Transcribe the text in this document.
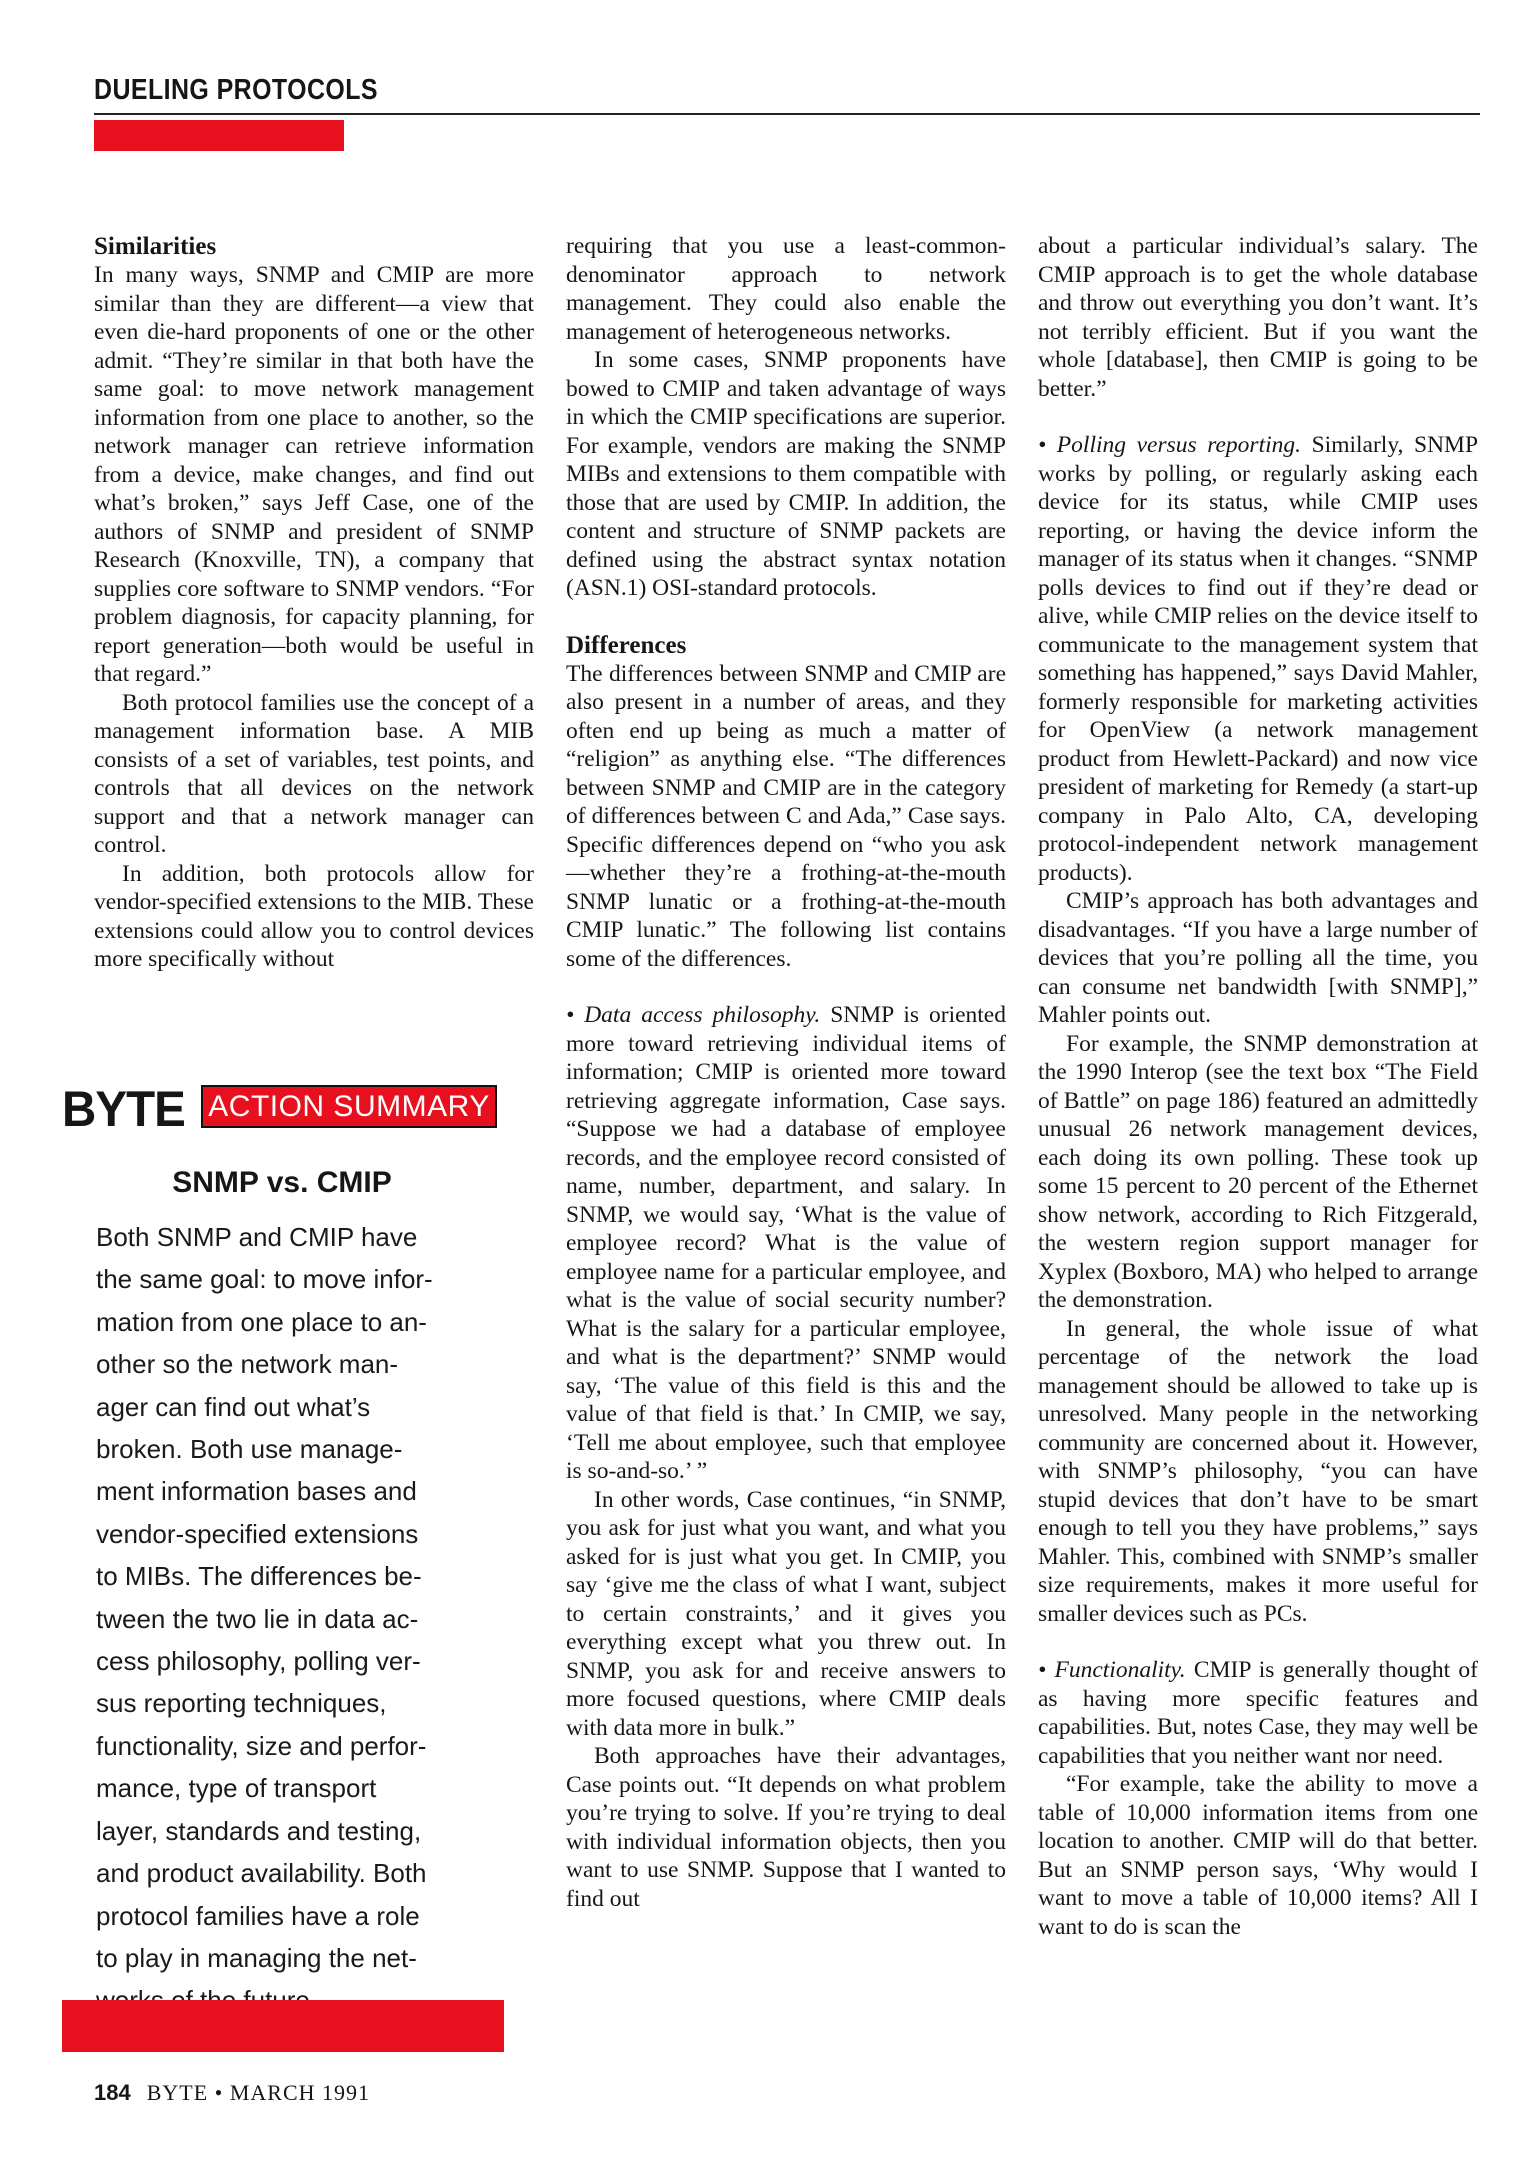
DUELING PROTOCOLS
Similarities

In many ways, SNMP and CMIP are more similar than they are different—a view that even die-hard proponents of one or the other admit. “They’re similar in that both have the same goal: to move network management information from one place to another, so the network manager can retrieve information from a device, make changes, and find out what’s broken,” says Jeff Case, one of the authors of SNMP and president of SNMP Research (Knoxville, TN), a company that supplies core software to SNMP vendors. “For problem diagnosis, for capacity planning, for report generation—both would be useful in that regard.”

Both protocol families use the concept of a management information base. A MIB consists of a set of variables, test points, and controls that all devices on the network support and that a network manager can control.

In addition, both protocols allow for vendor-specified extensions to the MIB. These extensions could allow you to control devices more specifically without

BYTE ACTION SUMMARY
SNMP vs. CMIP
Both SNMP and CMIP have
the same goal: to move infor-
mation from one place to an-
other so the network man-
ager can find out what’s
broken. Both use manage-
ment information bases and
vendor-specified extensions
to MIBs. The differences be-
tween the two lie in data ac-
cess philosophy, polling ver-
sus reporting techniques,
functionality, size and perfor-
mance, type of transport
layer, standards and testing,
and product availability. Both
protocol families have a role
to play in managing the net-

requiring that you use a least-common-denominator approach to network management. They could also enable the management of heterogeneous networks.

In some cases, SNMP proponents have bowed to CMIP and taken advantage of ways in which the CMIP specifications are superior. For example, vendors are making the SNMP MIBs and extensions to them compatible with those that are used by CMIP. In addition, the content and structure of SNMP packets are defined using the abstract syntax notation (ASN.1) OSI-standard protocols.

Differences

The differences between SNMP and CMIP are also present in a number of areas, and they often end up being as much a matter of “religion” as anything else. “The differences between SNMP and CMIP are in the category of differences between C and Ada,” Case says. Specific differences depend on “who you ask—whether they’re a frothing-at-the-mouth SNMP lunatic or a frothing-at-the-mouth CMIP lunatic.” The following list contains some of the differences.

• Data access philosophy. SNMP is oriented more toward retrieving individual items of information; CMIP is oriented more toward retrieving aggregate information, Case says. “Suppose we had a database of employee records, and the employee record consisted of name, number, department, and salary. In SNMP, we would say, ‘What is the value of employee record? What is the value of employee name for a particular employee, and what is the value of social security number? What is the salary for a particular employee, and what is the department?’ SNMP would say, ‘The value of this field is this and the value of that field is that.’ In CMIP, we say, ‘Tell me about employee, such that employee is so-and-so.’ ”

In other words, Case continues, “in SNMP, you ask for just what you want, and what you asked for is just what you get. In CMIP, you say ‘give me the class of what I want, subject to certain constraints,’ and it gives you everything except what you threw out. In SNMP, you ask for and receive answers to more focused questions, where CMIP deals with data more in bulk.”

Both approaches have their advantages, Case points out. “It depends on what problem you’re trying to solve. If you’re trying to deal with individual information objects, then you want to use SNMP. Suppose that I wanted to find out

about a particular individual’s salary. The CMIP approach is to get the whole database and throw out everything you don’t want. It’s not terribly efficient. But if you want the whole [database], then CMIP is going to be better.”

• Polling versus reporting. Similarly, SNMP works by polling, or regularly asking each device for its status, while CMIP uses reporting, or having the device inform the manager of its status when it changes. “SNMP polls devices to find out if they’re dead or alive, while CMIP relies on the device itself to communicate to the management system that something has happened,” says David Mahler, formerly responsible for marketing activities for OpenView (a network management product from Hewlett-Packard) and now vice president of marketing for Remedy (a start-up company in Palo Alto, CA, developing protocol-independent network management products).

CMIP’s approach has both advantages and disadvantages. “If you have a large number of devices that you’re polling all the time, you can consume net bandwidth [with SNMP],” Mahler points out.

For example, the SNMP demonstration at the 1990 Interop (see the text box “The Field of Battle” on page 186) featured an admittedly unusual 26 network management devices, each doing its own polling. These took up some 15 percent to 20 percent of the Ethernet show network, according to Rich Fitzgerald, the western region support manager for Xyplex (Boxboro, MA) who helped to arrange the demonstration.

In general, the whole issue of what percentage of the network the load management should be allowed to take up is unresolved. Many people in the networking community are concerned about it. However, with SNMP’s philosophy, “you can have stupid devices that don’t have to be smart enough to tell you they have problems,” says Mahler. This, combined with SNMP’s smaller size requirements, makes it more useful for smaller devices such as PCs.

• Functionality. CMIP is generally thought of as having more specific features and capabilities. But, notes Case, they may well be capabilities that you neither want nor need.

“For example, take the ability to move a table of 10,000 information items from one location to another. CMIP will do that better. But an SNMP person says, ‘Why would I want to move a table of 10,000 items? All I want to do is scan the

184 BYTE • MARCH 1991
